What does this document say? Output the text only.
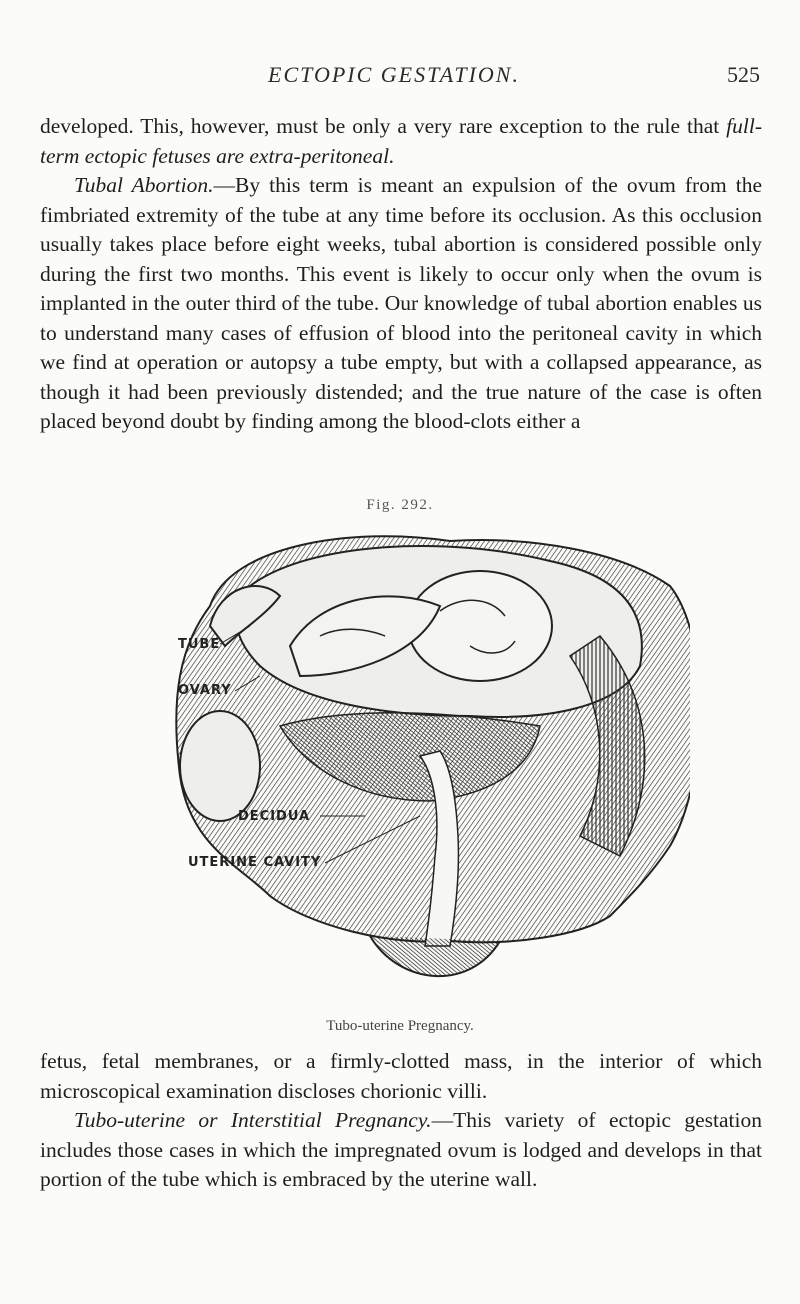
ECTOPIC GESTATION.	525

developed. This, however, must be only a very rare exception to the rule that full-term ectopic fetuses are extra-peritoneal.

Tubal Abortion.—By this term is meant an expulsion of the ovum from the fimbriated extremity of the tube at any time before its occlusion. As this occlusion usually takes place before eight weeks, tubal abortion is considered possible only during the first two months. This event is likely to occur only when the ovum is implanted in the outer third of the tube. Our knowledge of tubal abortion enables us to understand many cases of effusion of blood into the peritoneal cavity in which we find at operation or autopsy a tube empty, but with a collapsed appearance, as though it had been previously distended; and the true nature of the case is often placed beyond doubt by finding among the blood-clots either a

Fig. 292.
TUBE
OVARY
DECIDUA
UTERINE CAVITY
Tubo-uterine Pregnancy.

fetus, fetal membranes, or a firmly-clotted mass, in the interior of which microscopical examination discloses chorionic villi.

Tubo-uterine or Interstitial Pregnancy.—This variety of ectopic gestation includes those cases in which the impregnated ovum is lodged and develops in that portion of the tube which is embraced by the uterine wall.
